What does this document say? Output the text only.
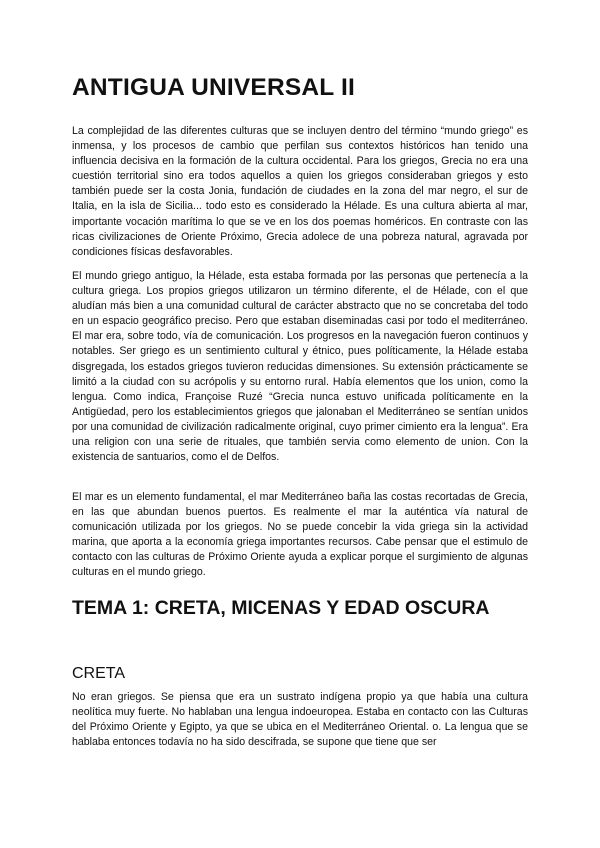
ANTIGUA UNIVERSAL II

La complejidad de las diferentes culturas que se incluyen dentro del término “mundo griego” es inmensa, y los procesos de cambio que perfilan sus contextos históricos han tenido una influencia decisiva en la formación de la cultura occidental. Para los griegos, Grecia no era una cuestión territorial sino era todos aquellos a quien los griegos consideraban griegos y esto también puede ser la costa Jonia, fundación de ciudades en la zona del mar negro, el sur de Italia, en la isla de Sicilia... todo esto es considerado la Hélade. Es una cultura abierta al mar, importante vocación marítima lo que se ve en los dos poemas homéricos. En contraste con las ricas civilizaciones de Oriente Próximo, Grecia adolece de una pobreza natural, agravada por condiciones físicas desfavorables.

El mundo griego antiguo, la Hélade, esta estaba formada por las personas que pertenecía a la cultura griega. Los propios griegos utilizaron un término diferente, el de Hélade, con el que aludían más bien a una comunidad cultural de carácter abstracto que no se concretaba del todo en un espacio geográfico preciso. Pero que estaban diseminadas casi por todo el mediterráneo. El mar era, sobre todo, vía de comunicación. Los progresos en la navegación fueron continuos y notables. Ser griego es un sentimiento cultural y étnico, pues políticamente, la Hélade estaba disgregada, los estados griegos tuvieron reducidas dimensiones. Su extensión prácticamente se limitó a la ciudad con su acrópolis y su entorno rural. Había elementos que los union, como la lengua. Como indica, Françoise Ruzé “Grecia nunca estuvo unificada políticamente en la Antigüedad, pero los establecimientos griegos que jalonaban el Mediterráneo se sentían unidos por una comunidad de civilización radicalmente original, cuyo primer cimiento era la lengua”. Era una religion con una serie de rituales, que también servia como elemento de union. Con la existencia de santuarios, como el de Delfos.

El mar es un elemento fundamental, el mar Mediterráneo baña las costas recortadas de Grecia, en las que abundan buenos puertos. Es realmente el mar la auténtica vía natural de comunicación utilizada por los griegos. No se puede concebir la vida griega sin la actividad marina, que aporta a la economía griega importantes recursos. Cabe pensar que el estimulo de contacto con las culturas de Próximo Oriente ayuda a explicar porque el surgimiento de algunas culturas en el mundo griego.

TEMA 1: CRETA, MICENAS Y EDAD OSCURA
CRETA

No eran griegos. Se piensa que era un sustrato indígena propio ya que había una cultura neolítica muy fuerte. No hablaban una lengua indoeuropea. Estaba en contacto con las Culturas del Próximo Oriente y Egipto, ya que se ubica en el Mediterráneo Oriental. o. La lengua que se hablaba entonces todavía no ha sido descifrada, se supone que tiene que ser
